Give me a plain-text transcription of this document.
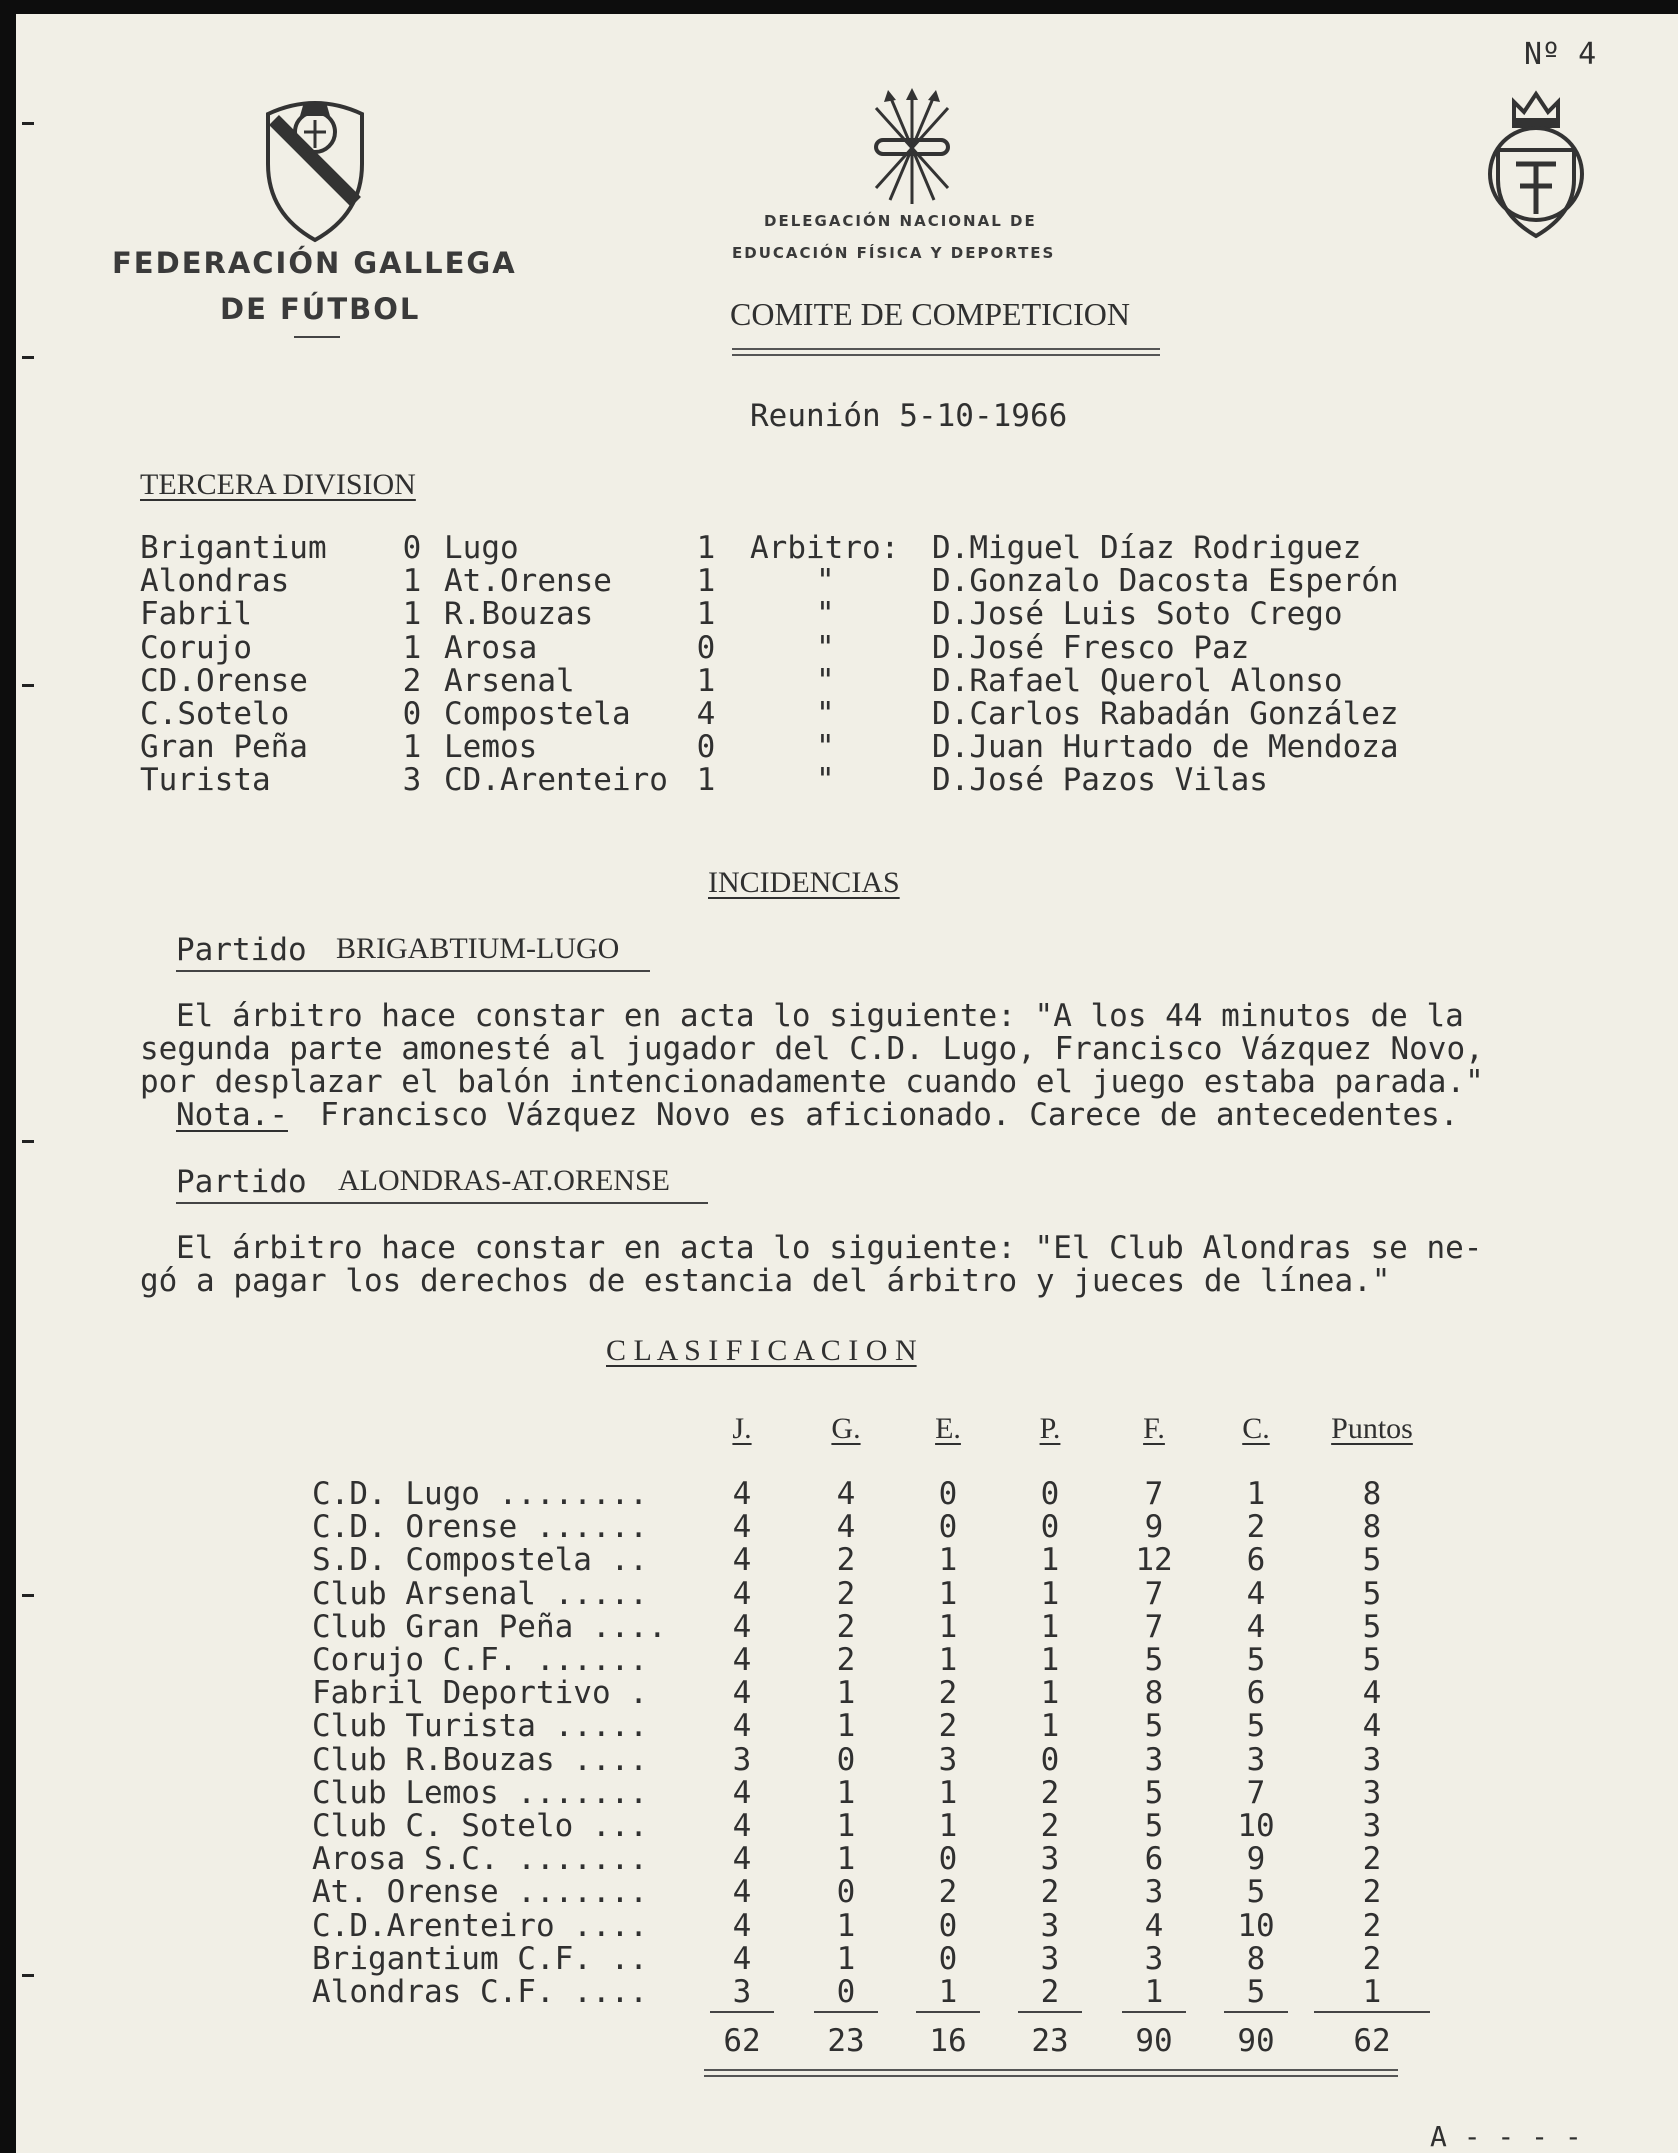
Nº 4
FEDERACIÓN GALLEGA
DE FÚTBOL
DELEGACIÓN NACIONAL DE
EDUCACIÓN FÍSICA Y DEPORTES
COMITE DE COMPETICION
Reunión 5-10-1966
TERCERA DIVISION
Brigantium	0 Lugo	1	Arbitro: D.Miguel Díaz Rodriguez
Alondras	1 At.Orense	1	"	D.Gonzalo Dacosta Esperón
Fabril	1 R.Bouzas	1	"	D.José Luis Soto Crego
Corujo	1 Arosa	0	"	D.José Fresco Paz
CD.Orense	2 Arsenal	1	"	D.Rafael Querol Alonso
C.Sotelo	0 Compostela	4	"	D.Carlos Rabadán González
Gran Peña	1 Lemos	0	"	D.Juan Hurtado de Mendoza
Turista	3 CD.Arenteiro 1	"	D.José Pazos Vilas
INCIDENCIAS
Partido BRIGABTIUM-LUGO
El árbitro hace constar en acta lo siguiente: "A los 44 minutos de la
segunda parte amonesté al jugador del C.D. Lugo, Francisco Vázquez Novo,
por desplazar el balón intencionadamente cuando el juego estaba parada."
Nota.- Francisco Vázquez Novo es aficionado. Carece de antecedentes.
Partido ALONDRAS-AT.ORENSE
El árbitro hace constar en acta lo siguiente: "El Club Alondras se ne-
gó a pagar los derechos de estancia del árbitro y jueces de línea."
C L A S I F I C A C I O N
J.	G.	E.	P.	F.	C.	Puntos
C.D. Lugo ........	4	4	0	0	7	1	8
C.D. Orense ......	4	4	0	0	9	2	8
S.D. Compostela ..	4	2	1	1	12	6	5
Club Arsenal .....	4	2	1	1	7	4	5
Club Gran Peña ....	4	2	1	1	7	4	5
Corujo C.F. ......	4	2	1	1	5	5	5
Fabril Deportivo .	4	1	2	1	8	6	4
Club Turista .....	4	1	2	1	5	5	4
Club R.Bouzas ....	3	0	3	0	3	3	3
Club Lemos .......	4	1	1	2	5	7	3
Club C. Sotelo ...	4	1	1	2	5	10	3
Arosa S.C. .......	4	1	0	3	6	9	2
At. Orense .......	4	0	2	2	3	5	2
C.D.Arenteiro ....	4	1	0	3	4	10	2
Brigantium C.F. ..	4	1	0	3	3	8	2
Alondras C.F. ....	3	0	1	2	1	5	1
62	23	16	23	90	90	62
A - - - -
